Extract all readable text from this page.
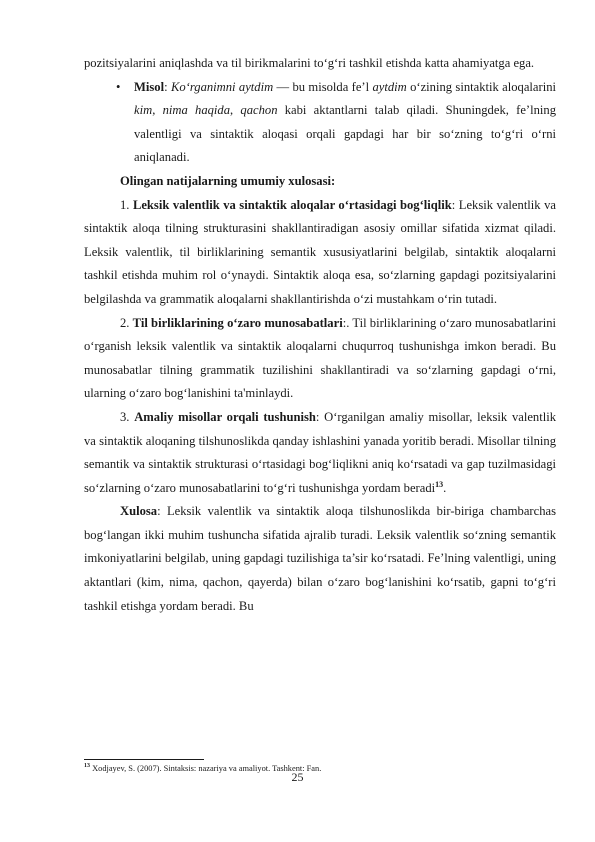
pozitsiyalarini aniqlashda va til birikmalarini to‘g‘ri tashkil etishda katta ahamiyatga ega.

• Misol: Ko‘rganimni aytdim — bu misolda fe’l aytdim o‘zining sintaktik aloqalarini kim, nima haqida, qachon kabi aktantlarni talab qiladi. Shuningdek, fe’lning valentligi va sintaktik aloqasi orqali gapdagi har bir so‘zning to‘g‘ri o‘rni aniqlanadi.

Olingan natijalarning umumiy xulosasi:

1. Leksik valentlik va sintaktik aloqalar o‘rtasidagi bog‘liqlik: Leksik valentlik va sintaktik aloqa tilning strukturasini shakllantiradigan asosiy omillar sifatida xizmat qiladi. Leksik valentlik, til birliklarining semantik xususiyatlarini belgilab, sintaktik aloqalarni tashkil etishda muhim rol o‘ynaydi. Sintaktik aloqa esa, so‘zlarning gapdagi pozitsiyalarini belgilashda va grammatik aloqalarni shakllantirishda o‘zi mustahkam o‘rin tutadi.

2. Til birliklarining o‘zaro munosabatlari:. Til birliklarining o‘zaro munosabatlarini o‘rganish leksik valentlik va sintaktik aloqalarni chuqurroq tushunishga imkon beradi. Bu munosabatlar tilning grammatik tuzilishini shakllantiradi va so‘zlarning gapdagi o‘rni, ularning o‘zaro bog‘lanishini ta'minlaydi.

3. Amaliy misollar orqali tushunish: O‘rganilgan amaliy misollar, leksik valentlik va sintaktik aloqaning tilshunoslikda qanday ishlashini yanada yoritib beradi. Misollar tilning semantik va sintaktik strukturasi o‘rtasidagi bog‘liqlikni aniq ko‘rsatadi va gap tuzilmasidagi so‘zlarning o‘zaro munosabatlarini to‘g‘ri tushunishga yordam beradi$^{13}$.

Xulosa: Leksik valentlik va sintaktik aloqa tilshunoslikda bir-biriga chambarchas bog‘langan ikki muhim tushuncha sifatida ajralib turadi. Leksik valentlik so‘zning semantik imkoniyatlarini belgilab, uning gapdagi tuzilishiga ta’sir ko‘rsatadi. Fe’lning valentligi, uning aktantlari (kim, nima, qachon, qayerda) bilan o‘zaro bog‘lanishini ko‘rsatib, gapni to‘g‘ri tashkil etishga yordam beradi. Bu

$^{13}$ Xodjayev, S. (2007). Sintaksis: nazariya va amaliyot. Tashkent: Fan.
25
